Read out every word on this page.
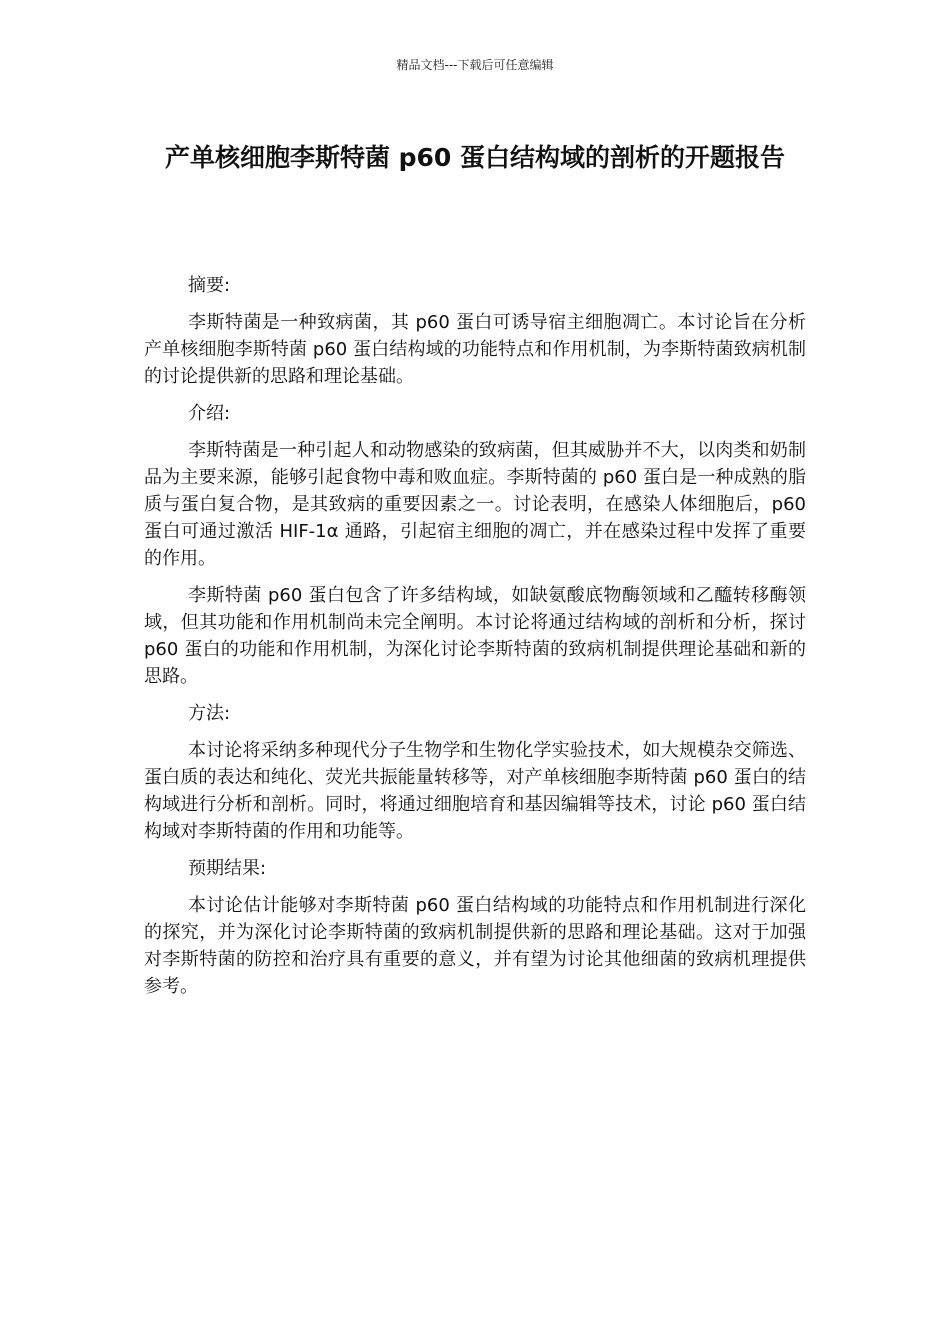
精品文档---下载后可任意编辑
产单核细胞李斯特菌 p60 蛋白结构域的剖析的开题报告

摘要:

李斯特菌是一种致病菌，其 p60 蛋白可诱导宿主细胞凋亡。本讨论旨在分析产单核细胞李斯特菌 p60 蛋白结构域的功能特点和作用机制，为李斯特菌致病机制的讨论提供新的思路和理论基础。

介绍:

李斯特菌是一种引起人和动物感染的致病菌，但其威胁并不大，以肉类和奶制品为主要来源，能够引起食物中毒和败血症。李斯特菌的 p60 蛋白是一种成熟的脂质与蛋白复合物，是其致病的重要因素之一。讨论表明，在感染人体细胞后，p60 蛋白可通过激活 HIF-1α 通路，引起宿主细胞的凋亡，并在感染过程中发挥了重要的作用。

李斯特菌 p60 蛋白包含了许多结构域，如缺氨酸底物酶领域和乙醯转移酶领域，但其功能和作用机制尚未完全阐明。本讨论将通过结构域的剖析和分析，探讨 p60 蛋白的功能和作用机制，为深化讨论李斯特菌的致病机制提供理论基础和新的思路。

方法:

本讨论将采纳多种现代分子生物学和生物化学实验技术，如大规模杂交筛选、蛋白质的表达和纯化、荧光共振能量转移等，对产单核细胞李斯特菌 p60 蛋白的结构域进行分析和剖析。同时，将通过细胞培育和基因编辑等技术，讨论 p60 蛋白结构域对李斯特菌的作用和功能等。

预期结果:

本讨论估计能够对李斯特菌 p60 蛋白结构域的功能特点和作用机制进行深化的探究，并为深化讨论李斯特菌的致病机制提供新的思路和理论基础。这对于加强对李斯特菌的防控和治疗具有重要的意义，并有望为讨论其他细菌的致病机理提供参考。
